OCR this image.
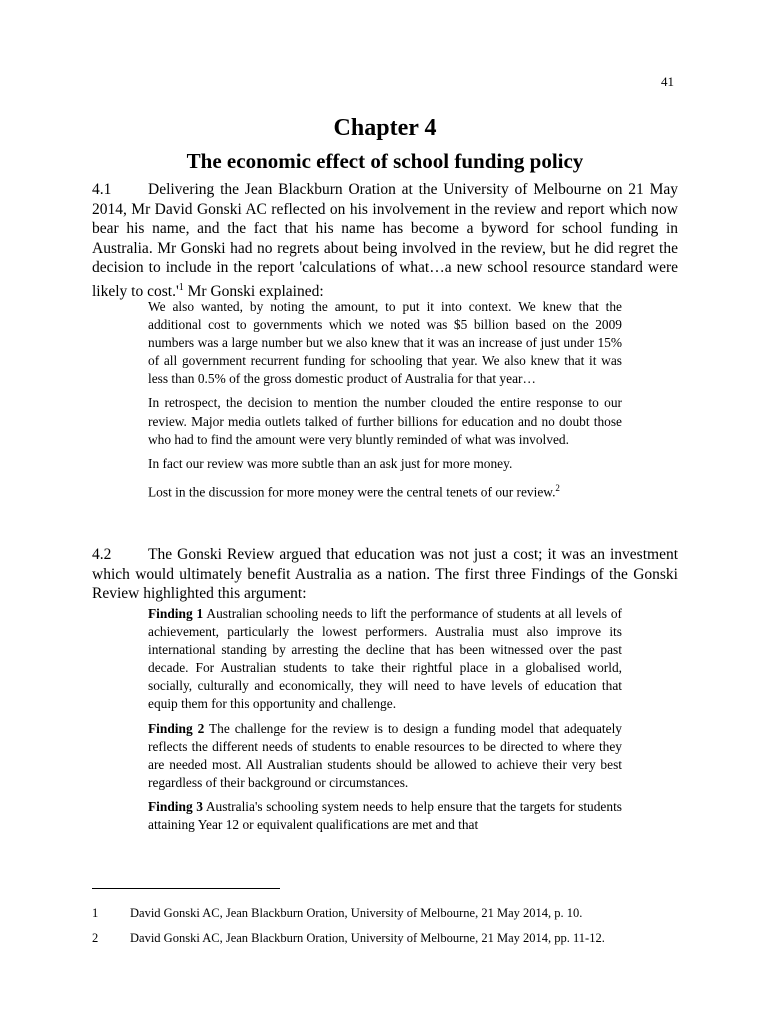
41
Chapter 4
The economic effect of school funding policy

4.1 Delivering the Jean Blackburn Oration at the University of Melbourne on 21 May 2014, Mr David Gonski AC reflected on his involvement in the review and report which now bear his name, and the fact that his name has become a byword for school funding in Australia. Mr Gonski had no regrets about being involved in the review, but he did regret the decision to include in the report 'calculations of what…a new school resource standard were likely to $\cos t.'^1$ Mr Gonski explained:

We also wanted, by noting the amount, to put it into context. We knew that the additional cost to governments which we noted was $5 billion based on the 2009 numbers was a large number but we also knew that it was an increase of just under 15% of all government recurrent funding for schooling that year. We also knew that it was less than 0.5% of the gross domestic product of Australia for that year…

In retrospect, the decision to mention the number clouded the entire response to our review. Major media outlets talked of further billions for education and no doubt those who had to find the amount were very bluntly reminded of what was involved.

In fact our review was more subtle than an ask just for more money.

Lost in the discussion for more money were the central tenets of our review.$^2$

4.2 The Gonski Review argued that education was not just a cost; it was an investment which would ultimately benefit Australia as a nation. The first three Findings of the Gonski Review highlighted this argument:

Finding 1 Australian schooling needs to lift the performance of students at all levels of achievement, particularly the lowest performers. Australia must also improve its international standing by arresting the decline that has been witnessed over the past decade. For Australian students to take their rightful place in a globalised world, socially, culturally and economically, they will need to have levels of education that equip them for this opportunity and challenge.

Finding 2 The challenge for the review is to design a funding model that adequately reflects the different needs of students to enable resources to be directed to where they are needed most. All Australian students should be allowed to achieve their very best regardless of their background or circumstances.

Finding 3 Australia's schooling system needs to help ensure that the targets for students attaining Year 12 or equivalent qualifications are met and that

1	David Gonski AC, Jean Blackburn Oration, University of Melbourne, 21 May 2014, p. 10.
2	David Gonski AC, Jean Blackburn Oration, University of Melbourne, 21 May 2014, pp. 11-12.
